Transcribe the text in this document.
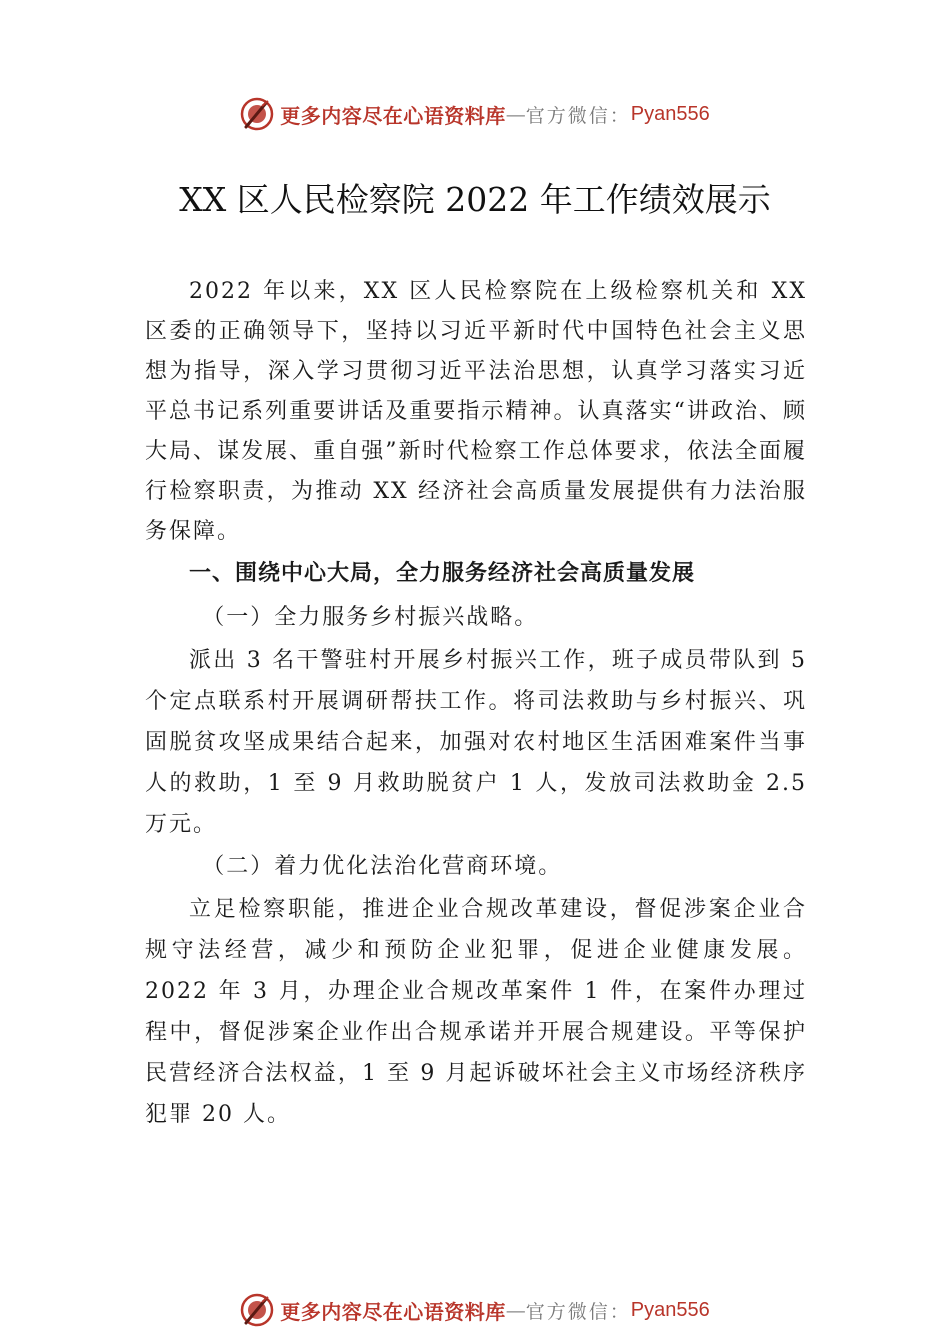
更多内容尽在心语资料库 — 官方微信： Pyan556
XX 区人民检察院 2022 年工作绩效展示

2022 年以来，XX 区人民检察院在上级检察机关和 XX 区委的正确领导下，坚持以习近平新时代中国特色社会主义思想为指导，深入学习贯彻习近平法治思想，认真学习落实习近平总书记系列重要讲话及重要指示精神。认真落实“讲政治、顾大局、谋发展、重自强”新时代检察工作总体要求，依法全面履行检察职责，为推动 XX 经济社会高质量发展提供有力法治服务保障。

一、围绕中心大局，全力服务经济社会高质量发展

（一）全力服务乡村振兴战略。

派出 3 名干警驻村开展乡村振兴工作，班子成员带队到 5 个定点联系村开展调研帮扶工作。将司法救助与乡村振兴、巩固脱贫攻坚成果结合起来，加强对农村地区生活困难案件当事人的救助，1 至 9 月救助脱贫户 1 人，发放司法救助金 2.5 万元。

（二）着力优化法治化营商环境。

立足检察职能，推进企业合规改革建设，督促涉案企业合规守法经营，减少和预防企业犯罪，促进企业健康发展。2022 年 3 月，办理企业合规改革案件 1 件，在案件办理过程中，督促涉案企业作出合规承诺并开展合规建设。平等保护民营经济合法权益，1 至 9 月起诉破坏社会主义市场经济秩序犯罪 20 人。

更多内容尽在心语资料库 — 官方微信： Pyan556
